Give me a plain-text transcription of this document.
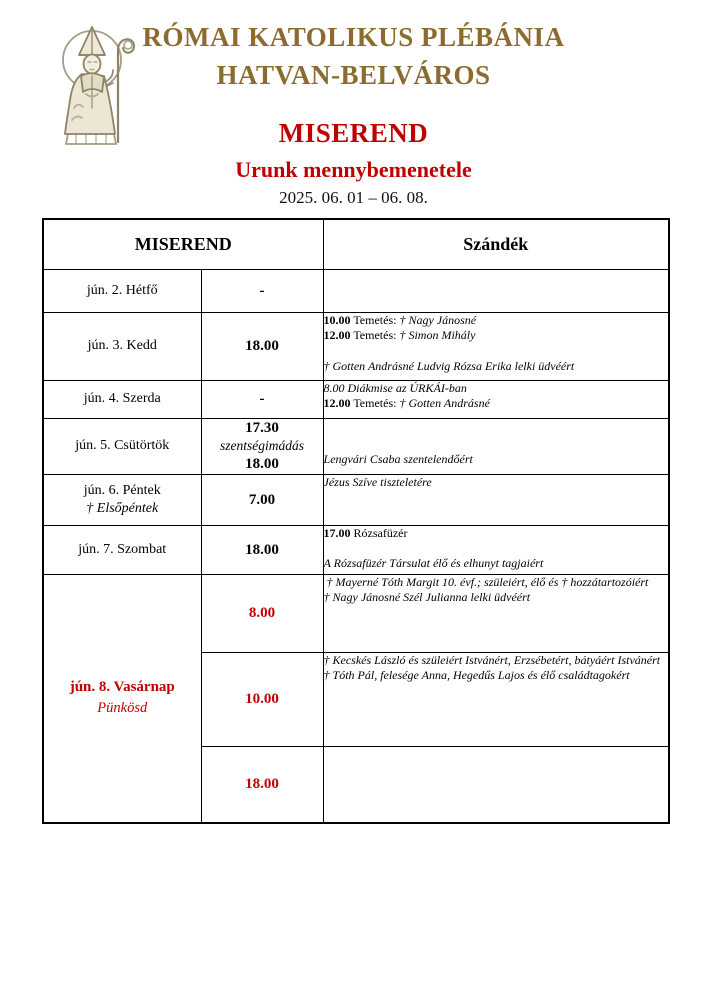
RÓMAI KATOLIKUS PLÉBÁNIA
HATVAN-BELVÁROS
MISEREND
Urunk mennybemenetele
2025. 06. 01 – 06. 08.
MISEREND		Szándék
jún. 2. Hétfő	-	
jún. 3. Kedd	18.00	10.00 Temetés: † Nagy Jánosné
12.00 Temetés: † Simon Mihály
† Gotten Andrásné Ludvig Rózsa Erika lelki üdvéért

jún. 4. Szerda	-	8.00 Diákmise az ÚRKÁI-ban
12.00 Temetés: † Gotten Andrásné

jún. 5. Csütörtök	17.30
szentségimádás
18.00	Lengvári Csaba szentelendőért

jún. 6. Péntek
† Elsőpéntek	7.00	Jézus Szíve tiszteletére

jún. 7. Szombat	18.00	17.00 Rózsafüzér
A Rózsafüzér Társulat élő és elhunyt tagjaiért

jún. 8. Vasárnap
Pünkösd
	8.00	
† Mayerné Tóth Margit 10. évf.; szüleiért, élő és † hozzátartozóiért
† Nagy Jánosné Szél Julianna lelki üdvéért

	10.00	† Kecskés László és szüleiért Istvánért, Erzsébetért, bátyáért Istvánért
† Tóth Pál, felesége Anna, Hegedűs Lajos és élő családtagokért

	18.00	
